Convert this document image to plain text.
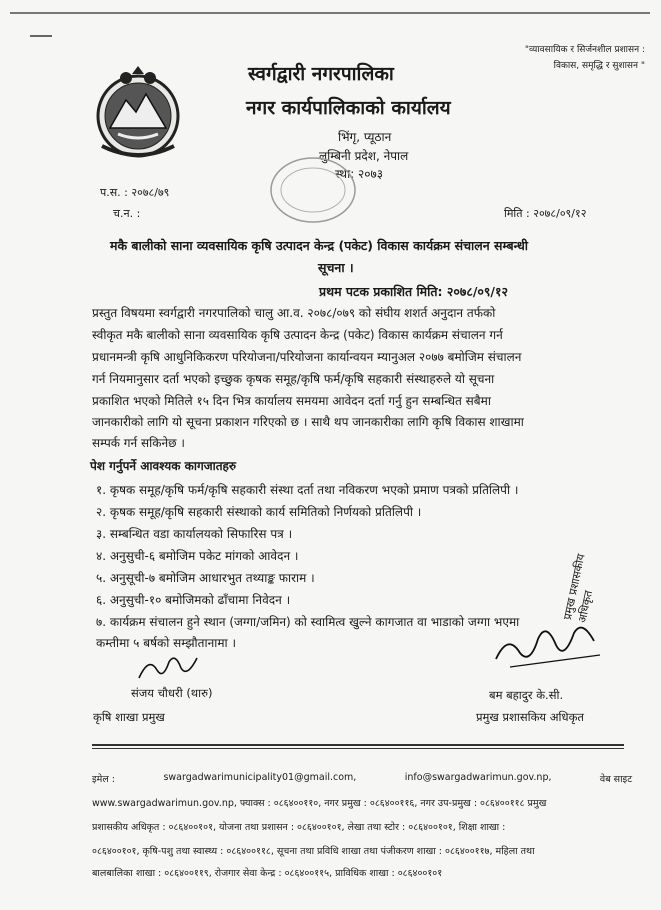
"व्यावसायिक र सिर्जनशील प्रशासन :
विकास, समृद्धि र सुशासन "
स्वर्गद्वारी नगरपालिका
नगर कार्यपालिकाको कार्यालय
भिंगृ, प्यूठान
लुम्बिनी प्रदेश, नेपाल
स्था: २०७३
प.स. : २०७८/७९
च.न. :	मिति : २०७८/०९/१२
मकै बालीको साना व्यवसायिक कृषि उत्पादन केन्द्र (पकेट) विकास कार्यक्रम संचालन सम्बन्धी
सूचना ।
प्रथम पटक प्रकाशित मिति: २०७८/०९/१२
प्रस्तुत विषयमा स्वर्गद्वारी नगरपालिको चालु आ.व. २०७८/०७९ को संघीय शशर्त अनुदान तर्फको
स्वीकृत मकै बालीको साना व्यवसायिक कृषि उत्पादन केन्द्र (पकेट) विकास कार्यक्रम संचालन गर्न
प्रधानमन्त्री कृषि आधुनिकिकरण परियोजना/परियोजना कार्यान्वयन म्यानुअल २०७७ बमोजिम संचालन
गर्न नियमानुसार दर्ता भएको इच्छुक कृषक समूह/कृषि फर्म/कृषि सहकारी संस्थाहरुले यो सूचना
प्रकाशित भएको मितिले १५ दिन भित्र कार्यालय समयमा आवेदन दर्ता गर्नु हुन सम्बन्धित सबैमा
जानकारीको लागि यो सूचना प्रकाशन गरिएको छ । साथै थप जानकारीका लागि कृषि विकास शाखामा
सम्पर्क गर्न सकिनेछ ।
पेश गर्नुपर्ने आवश्यक कागजातहरु
१. कृषक समूह/कृषि फर्म/कृषि सहकारी संस्था दर्ता तथा नविकरण भएको प्रमाण पत्रको प्रतिलिपी ।
२. कृषक समूह/कृषि सहकारी संस्थाको कार्य समितिको निर्णयको प्रतिलिपी ।
३. सम्बन्धित वडा कार्यालयको सिफारिस पत्र ।
४. अनुसुची-६ बमोजिम पकेट मांगको आवेदन ।
५. अनुसूची-७ बमोजिम आधारभुत तथ्याङ्क फाराम ।
६. अनुसुची-१० बमोजिमको ढाँचामा निवेदन ।
७. कार्यक्रम संचालन हुने स्थान (जग्गा/जमिन) को स्वामित्व खुल्ने कागजात वा भाडाको जग्गा भएमा
कम्तीमा ५ बर्षको सम्झौतानामा ।
संजय चौधरी (थारु)
कृषि शाखा प्रमुख
प्रमुख प्रशासकीय अधिकृत
बम बहादुर के.सी.
प्रमुख प्रशासकिय अधिकृत
इमेल :	swargadwarimunicipality01@gmail.com,	info@swargadwarimun.gov.np,	वेब साइट
www.swargadwarimun.gov.np, फ्याक्स : ०८६४००११०, नगर प्रमुख : ०८६४००११६, नगर उप-प्रमुख : ०८६४००११८ प्रमुख
प्रशासकीय अधिकृत : ०८६४००१०१, योजना तथा प्रशासन : ०८६४००१०१, लेखा तथा स्टोर : ०८६४००१०१, शिक्षा शाखा :
०८६४००१०१, कृषि-पशु तथा स्वास्थ्य : ०८६४००११८, सूचना तथा प्रविधि शाखा तथा पंजीकरण शाखा : ०८६४००११७, महिला तथा
बालबालिका शाखा : ०८६४००११९, रोजगार सेवा केन्द्र : ०८६४००११५, प्राविधिक शाखा : ०८६४००१०१
